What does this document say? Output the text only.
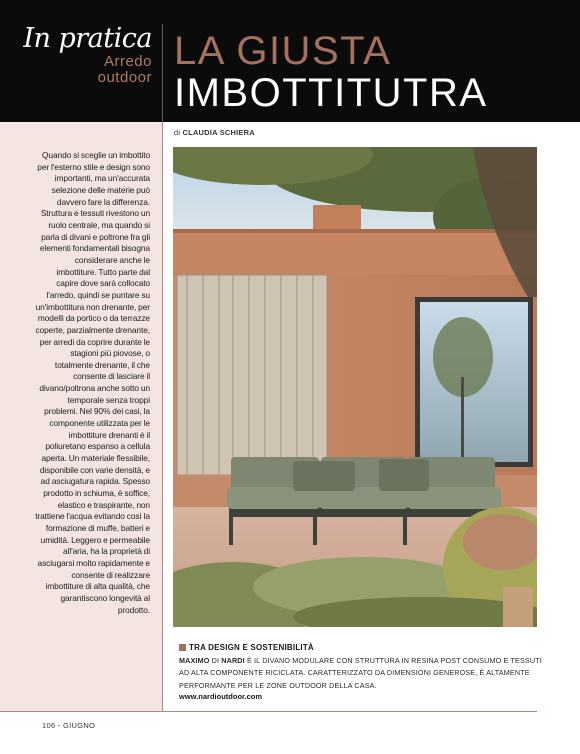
In pratica
Arredo
outdoor
LA GIUSTA
IMBOTTITUTRA

Quando si sceglie un imbottito per l'esterno stile e design sono importanti, ma un'accurata selezione delle materie può davvero fare la differenza. Struttura e tessuti rivestono un ruolo centrale, ma quando si parla di divani e poltrone fra gli elementi fondamentali bisogna considerare anche le imbottiture. Tutto parte dal capire dove sarà collocato l'arredo, quindi se puntare su un'imbottitura non drenante, per modelli da portico o da terrazze coperte, parzialmente drenante, per arredi da coprire durante le stagioni più piovose, o totalmente drenante, il che consente di lasciare il divano/poltrona anche sotto un temporale senza troppi problemi. Nel 90% dei casi, la componente utilizzata per le imbottiture drenanti è il poliuretano espanso a cellula aperta. Un materiale flessibile, disponibile con varie densità, e ad asciugatura rapida. Spesso prodotto in schiuma, è soffice, elastico e traspirante, non trattiene l'acqua evitando così la formazione di muffe, batteri e umidità. Leggero e permeabile all'aria, ha la proprietà di asciugarsi molto rapidamente e consente di realizzare imbottiture di alta qualità, che garantiscono longevità al prodotto.

di CLAUDIA SCHIERA
TRA DESIGN E SOSTENIBILITÀ

MAXIMO DI NARDI È IL DIVANO MODULARE CON STRUTTURA IN RESINA POST CONSUMO E TESSUTI AD ALTA COMPONENTE RICICLATA. CARATTERIZZATO DA DIMENSIONI GENEROSE, È ALTAMENTE PERFORMANTE PER LE ZONE OUTDOOR DELLA CASA.

www.nardioutdoor.com
106 - GIUGNO
